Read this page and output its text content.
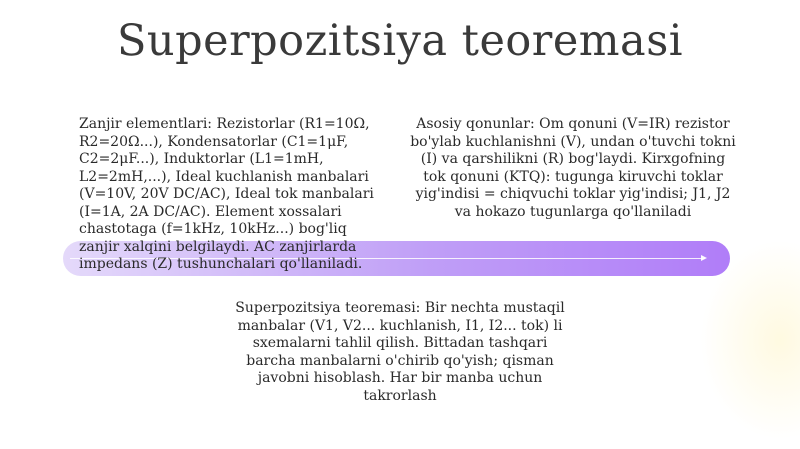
Superpozitsiya teoremasi
Zanjir elementlari: Rezistorlar (R1=10Ω, R2=20Ω...), Kondensatorlar (C1=1μF, C2=2μF...), Induktorlar (L1=1mH, L2=2mH,...), Ideal kuchlanish manbalari (V=10V, 20V DC/AC), Ideal tok manbalari (I=1A, 2A DC/AC). Element xossalari chastotaga (f=1kHz, 10kHz...) bog'liq zanjir xalqini belgilaydi. AC zanjirlarda impedans (Z) tushunchalari qo'llaniladi.
Asosiy qonunlar: Om qonuni (V=IR) rezistor bo'ylab kuchlanishni (V), undan o'tuvchi tokni (I) va qarshilikni (R) bog'laydi. Kirxgofning tok qonuni (KTQ): tugunga kiruvchi toklar yig'indisi = chiqvuchi toklar yig'indisi; J1, J2 va hokazo tugunlarga qo'llaniladi
Superpozitsiya teoremasi: Bir nechta mustaqil manbalar (V1, V2... kuchlanish, I1, I2... tok) li sxemalarni tahlil qilish. Bittadan tashqari barcha manbalarni o'chirib qo'yish; qisman javobni hisoblash. Har bir manba uchun takrorlash
